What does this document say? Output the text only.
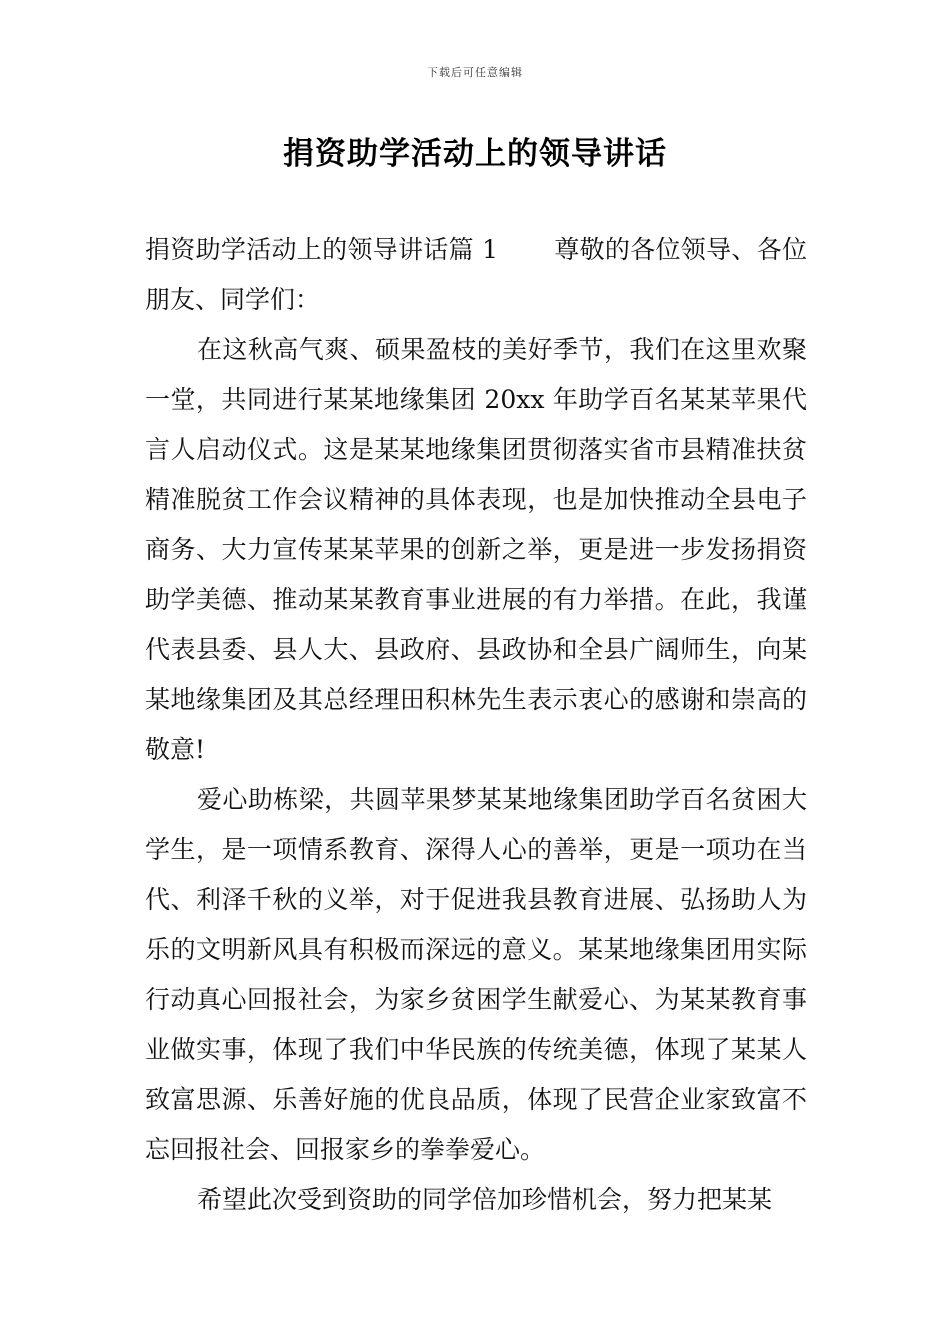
下载后可任意编辑
捐资助学活动上的领导讲话

捐资助学活动上的领导讲话篇 1 尊敬的各位领导、各位朋友、同学们：

在这秋高气爽、硕果盈枝的美好季节，我们在这里欢聚一堂，共同进行某某地缘集团 20xx 年助学百名某某苹果代言人启动仪式。这是某某地缘集团贯彻落实省市县精准扶贫精准脱贫工作会议精神的具体表现，也是加快推动全县电子商务、大力宣传某某苹果的创新之举，更是进一步发扬捐资助学美德、推动某某教育事业进展的有力举措。在此，我谨代表县委、县人大、县政府、县政协和全县广阔师生，向某某地缘集团及其总经理田积林先生表示衷心的感谢和崇高的敬意!

爱心助栋梁，共圆苹果梦某某地缘集团助学百名贫困大学生，是一项情系教育、深得人心的善举，更是一项功在当代、利泽千秋的义举，对于促进我县教育进展、弘扬助人为乐的文明新风具有积极而深远的意义。某某地缘集团用实际行动真心回报社会，为家乡贫困学生献爱心、为某某教育事业做实事，体现了我们中华民族的传统美德，体现了某某人致富思源、乐善好施的优良品质，体现了民营企业家致富不忘回报社会、回报家乡的拳拳爱心。

希望此次受到资助的同学倍加珍惜机会，努力把某某
